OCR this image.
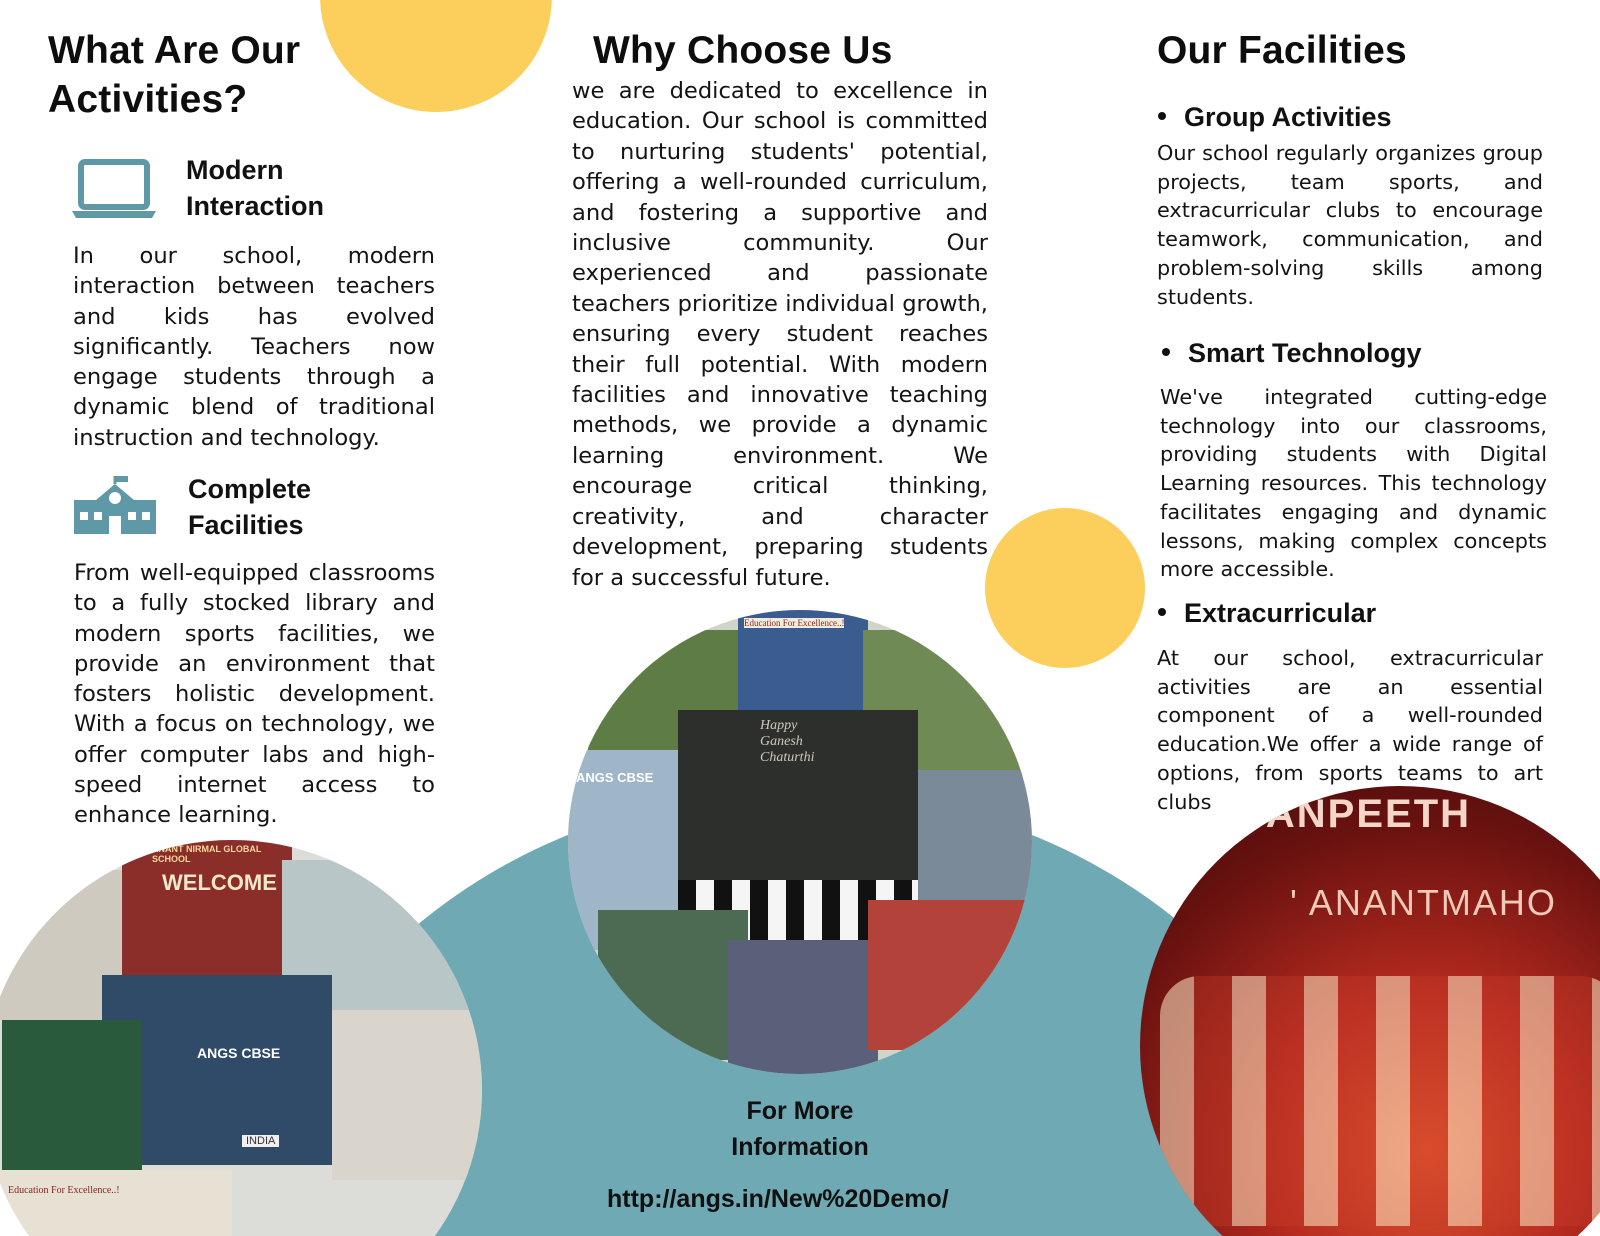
What Are Our
Activities?
Modern
Interaction

In our school, modern interaction between teachers and kids has evolved significantly. Teachers now engage students through a dynamic blend of traditional instruction and technology.

Complete
Facilities

From well-equipped classrooms to a fully stocked library and modern sports facilities, we provide an environment that fosters holistic development. With a focus on technology, we offer computer labs and high-speed internet access to enhance learning.

WELCOME
ANANT NIRMAL GLOBAL SCHOOL
ANGS CBSE
INDIA
Education For Excellence..!
Why Choose Us

we are dedicated to excellence in education. Our school is committed to nurturing students' potential, offering a well-rounded curriculum, and fostering a supportive and inclusive community. Our experienced and passionate teachers prioritize individual growth, ensuring every student reaches their full potential. With modern facilities and innovative teaching methods, we provide a dynamic learning environment. We encourage critical thinking, creativity, and character development, preparing students for a successful future.

Education For Excellence..!
ANGS CBSE
Happy
Ganesh
Chaturthi
For More
Information
http://angs.in/New%20Demo/
Our Facilities
Group Activities

Our school regularly organizes group projects, team sports, and extracurricular clubs to encourage teamwork, communication, and problem-solving skills among students.

Smart Technology

We've integrated cutting-edge technology into our classrooms, providing students with Digital Learning resources. This technology facilitates engaging and dynamic lessons, making complex concepts more accessible.

Extracurricular

At our school, extracurricular activities are an essential component of a well-rounded education.We offer a wide range of options, from sports teams to art clubs

NYANPEETH
' ANANTMAHO
